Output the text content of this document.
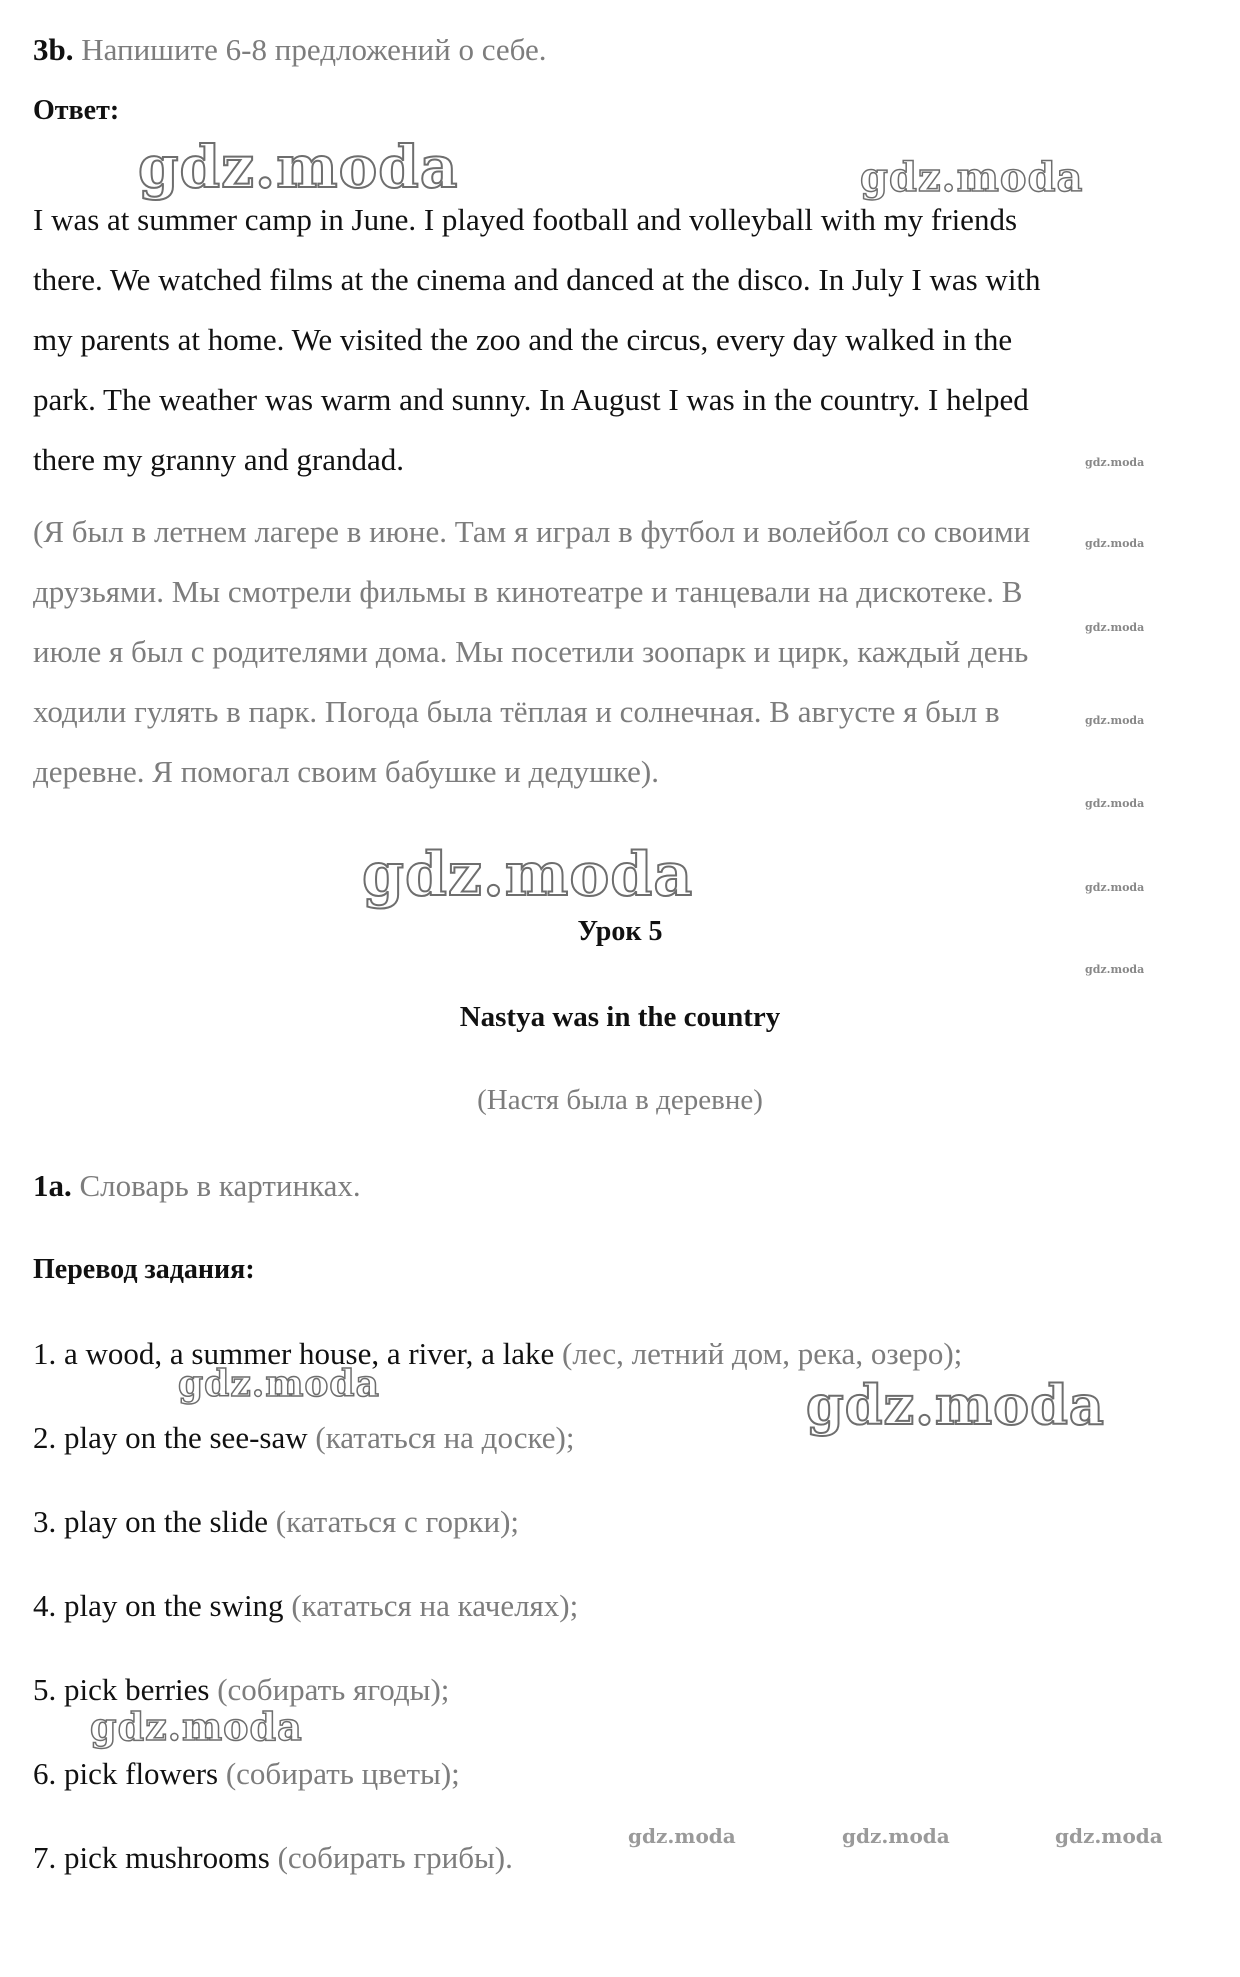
3b. Напишите 6-8 предложений о себе.
Ответ:
I was at summer camp in June. I played football and volleyball with my friends
there. We watched films at the cinema and danced at the disco. In July I was with
my parents at home. We visited the zoo and the circus, every day walked in the
park. The weather was warm and sunny. In August I was in the country. I helped
there my granny and grandad.
(Я был в летнем лагере в июне. Там я играл в футбол и волейбол со своими
друзьями. Мы смотрели фильмы в кинотеатре и танцевали на дискотеке. В
июле я был с родителями дома. Мы посетили зоопарк и цирк, каждый день
ходили гулять в парк. Погода была тёплая и солнечная. В августе я был в
деревне. Я помогал своим бабушке и дедушке).
Урок 5
Nastya was in the country
(Настя была в деревне)
1a. Словарь в картинках.
Перевод задания:
1. a wood, a summer house, a river, a lake (лес, летний дом, река, озеро);
2. play on the see-saw (кататься на доске);
3. play on the slide (кататься с горки);
4. play on the swing (кататься на качелях);
5. pick berries (собирать ягоды);
6. pick flowers (собирать цветы);
7. pick mushrooms (собирать грибы).
gdz.moda	gdz.moda
gdz.moda
gdz.moda
gdz.moda
gdz.moda
gdz.moda	gdz.moda	gdz.moda
gdz.moda
gdz.moda
gdz.moda
gdz.moda
gdz.moda
gdz.moda
gdz.moda
